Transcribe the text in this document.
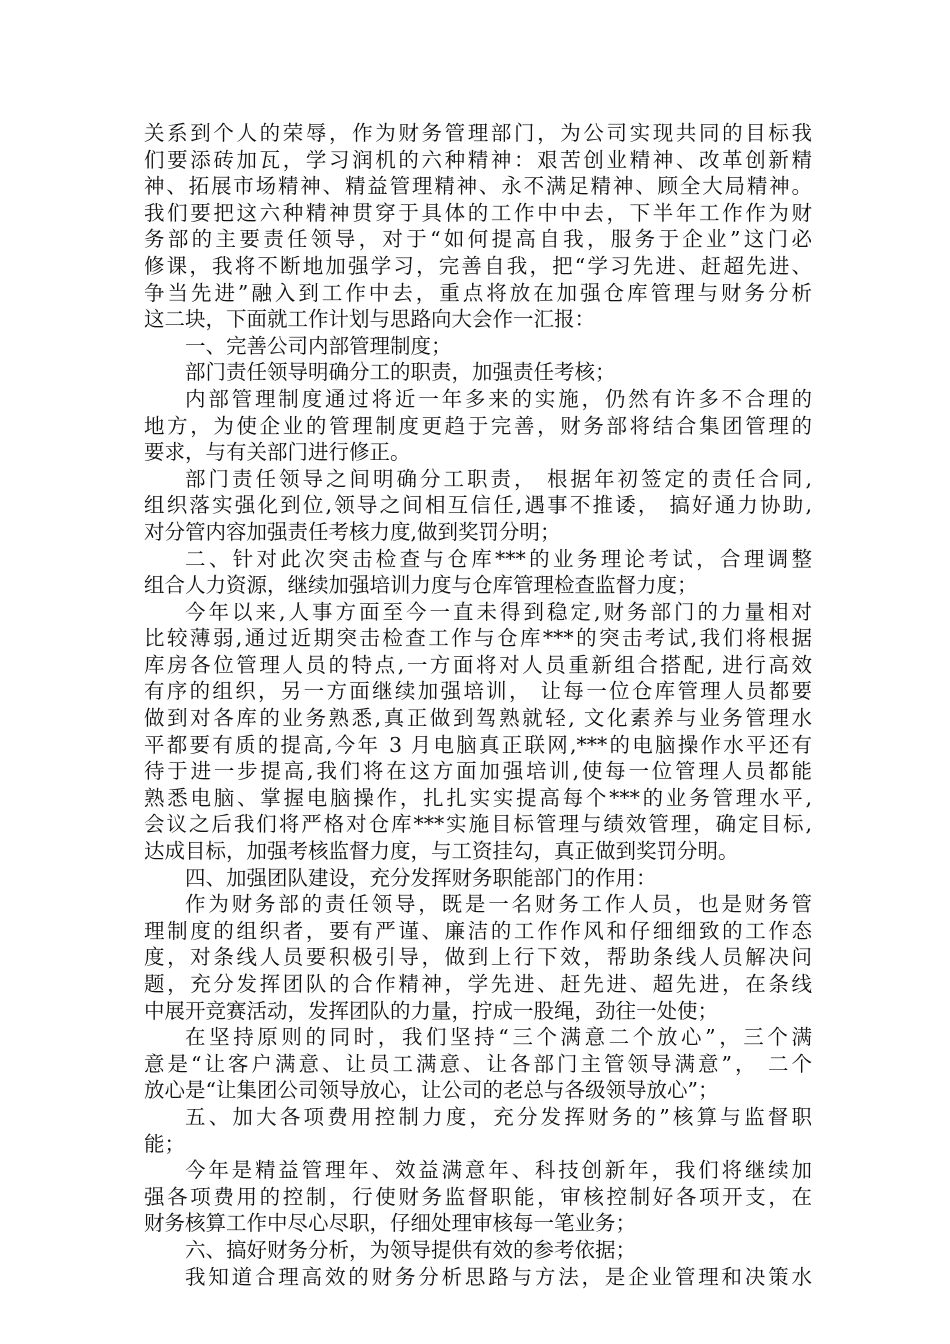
关系到个人的荣辱，作为财务管理部门，为公司实现共同的目标我
们要添砖加瓦，学习润机的六种精神：艰苦创业精神、改革创新精
神、拓展市场精神、精益管理精神、永不满足精神、顾全大局精神。
我们要把这六种精神贯穿于具体的工作中中去，下半年工作作为财
务部的主要责任领导，对于“如何提高自我，服务于企业”这门必
修课，我将不断地加强学习，完善自我，把“学习先进、赶超先进、
争当先进”融入到工作中去，重点将放在加强仓库管理与财务分析
这二块，下面就工作计划与思路向大会作一汇报：
一、完善公司内部管理制度；
部门责任领导明确分工的职责，加强责任考核；
内部管理制度通过将近一年多来的实施，仍然有许多不合理的
地方，为使企业的管理制度更趋于完善，财务部将结合集团管理的
要求，与有关部门进行修正。
部门责任领导之间明确分工职责， 根据年初签定的责任合同,
组织落实强化到位,领导之间相互信任,遇事不推诿， 搞好通力协助,
对分管内容加强责任考核力度,做到奖罚分明；
二、针对此次突击检查与仓库***的业务理论考试，合理调整
组合人力资源，继续加强培训力度与仓库管理检查监督力度；
今年以来,人事方面至今一直未得到稳定,财务部门的力量相对
比较薄弱,通过近期突击检查工作与仓库***的突击考试,我们将根据
库房各位管理人员的特点,一方面将对人员重新组合搭配, 进行高效
有序的组织，另一方面继续加强培训， 让每一位仓库管理人员都要
做到对各库的业务熟悉,真正做到驾熟就轻, 文化素养与业务管理水
平都要有质的提高,今年 3 月电脑真正联网,***的电脑操作水平还有
待于进一步提高,我们将在这方面加强培训,使每一位管理人员都能
熟悉电脑、掌握电脑操作，扎扎实实提高每个***的业务管理水平,
会议之后我们将严格对仓库***实施目标管理与绩效管理，确定目标,
达成目标，加强考核监督力度，与工资挂勾，真正做到奖罚分明。
四、加强团队建设，充分发挥财务职能部门的作用：
作为财务部的责任领导，既是一名财务工作人员，也是财务管
理制度的组织者，要有严谨、廉洁的工作作风和仔细细致的工作态
度，对条线人员要积极引导，做到上行下效，帮助条线人员解决问
题，充分发挥团队的合作精神，学先进、赶先进、超先进，在条线
中展开竞赛活动，发挥团队的力量，拧成一股绳，劲往一处使；
在坚持原则的同时，我们坚持“三个满意二个放心”，三个满
意是“让客户满意、让员工满意、让各部门主管领导满意”， 二个
放心是“让集团公司领导放心，让公司的老总与各级领导放心”；
五、加大各项费用控制力度，充分发挥财务的”核算与监督职
能；
今年是精益管理年、效益满意年、科技创新年，我们将继续加
强各项费用的控制，行使财务监督职能，审核控制好各项开支，在
财务核算工作中尽心尽职，仔细处理审核每一笔业务；
六、搞好财务分析，为领导提供有效的参考依据；
我知道合理高效的财务分析思路与方法，是企业管理和决策水
